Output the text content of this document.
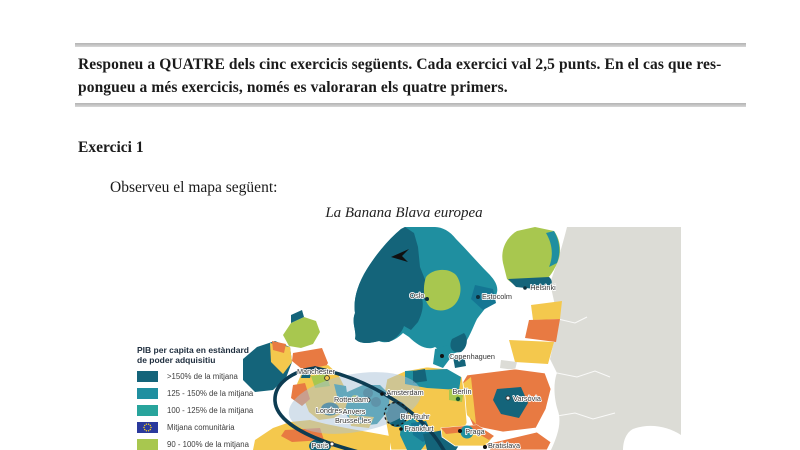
Responeu a QUATRE dels cinc exercicis següents. Cada exercici val 2,5 punts. En el cas que res-
pongueu a més exercicis, només es valoraran els quatre primers.
Exercici 1
Observeu el mapa següent:
La Banana Blava europea
Oslo	Estocolm
Helsinki
Copenhaguen
Manchester
Londres
Rotterdam
Amsterdam
Anvers
Brussel·les	Rin-Ruhr
Frankfurt
Berlín
Varsòvia
Praga
Bratislava
París
PIB per capita en estàndard
de poder adquisitiu
>150% de la mitjana
125 - 150% de la mitjana
100 - 125% de la mitjana
Mitjana comunitària
90 - 100% de la mitjana
